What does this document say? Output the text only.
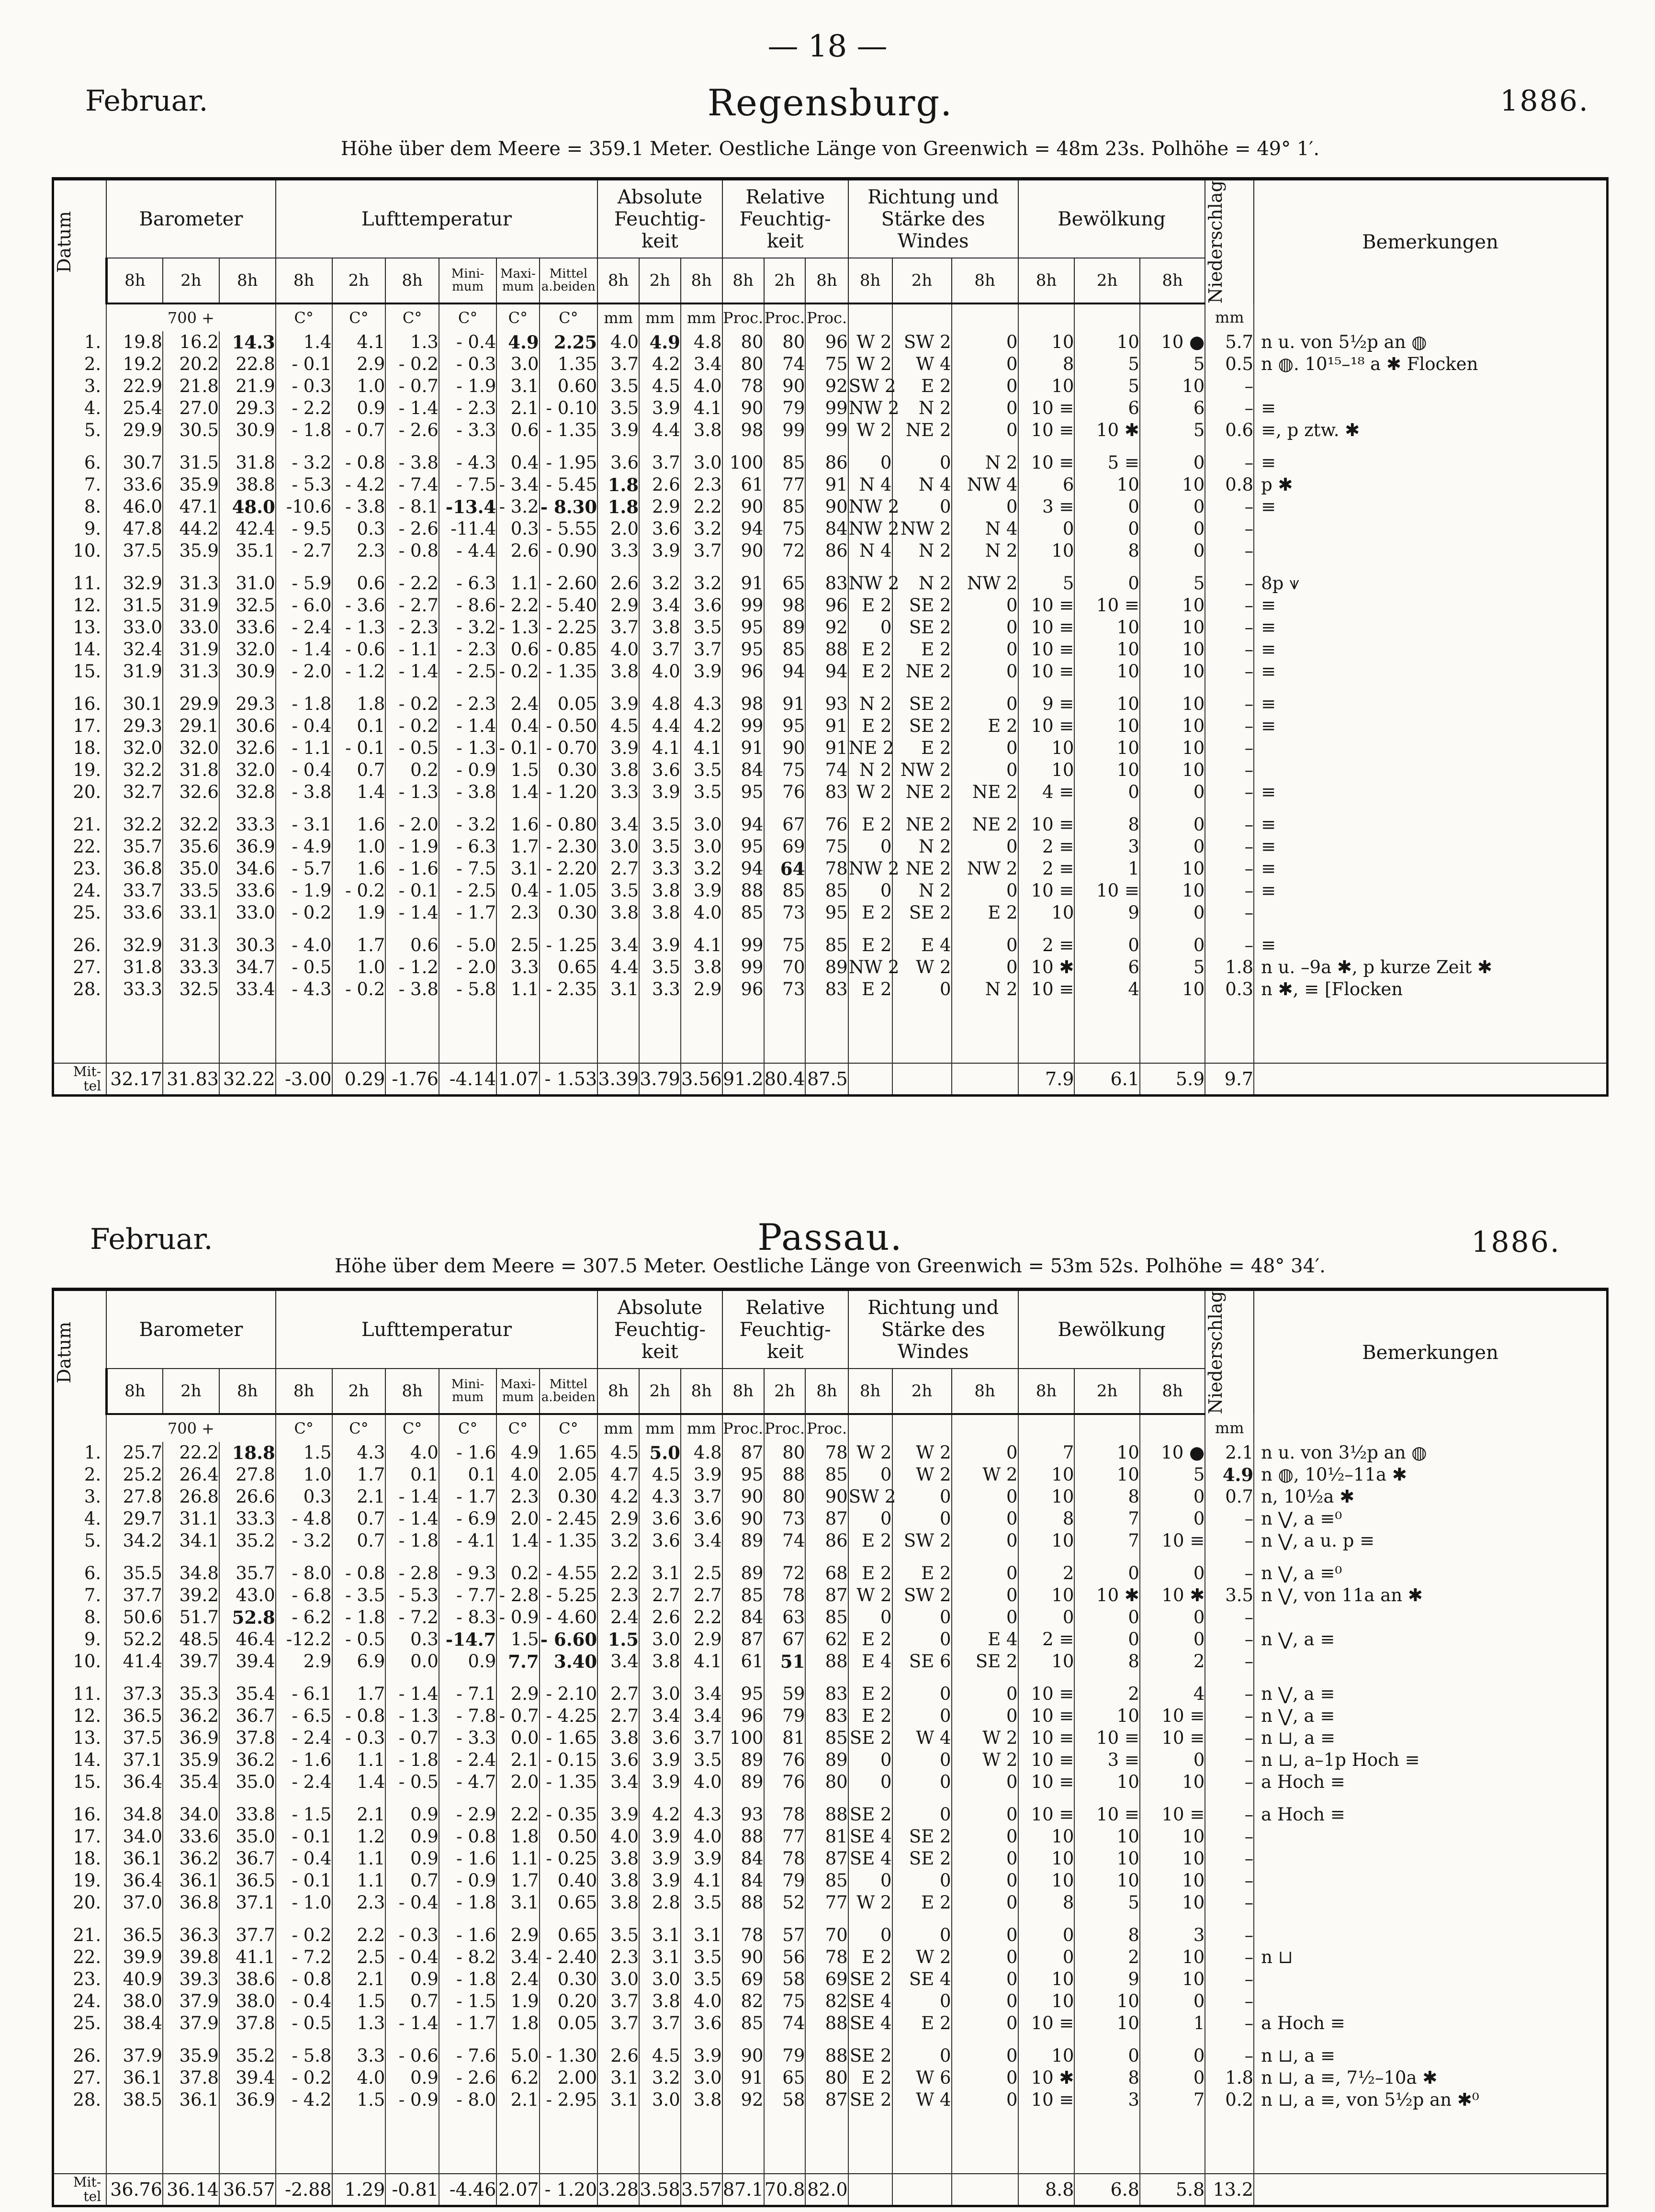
— 18 —
Februar.	Regensburg.	1886.
Höhe über dem Meere = 359.1 Meter. Oestliche Länge von Greenwich = 48m 23s. Polhöhe = 49° 1′.
Datum	Barometer			Lufttemperatur						Absolute Feuchtig- keit			Relative Feuchtig- keit			Richtung und Stärke des Windes			Bewölkung			Niederschlag	Bemerkungen
	8h	2h	8h	8h	2h	8h	Mini- mum	Maxi- mum	Mittel a.beiden	8h	2h	8h	8h	2h	8h	8h	2h	8h	8h	2h	8h		
	700 +			C°	C°	C°	C°	C°	C°	mm	mm	mm	Proc.	Proc.	Proc.							mm	
1.	19.8	16.2	14.3	1.4	4.1	1.3	- 0.4	4.9	2.25	4.0	4.9	4.8	80	80	96	W 2	SW 2	0	10	10	10 ●	5.7	n u. von 5½p an ◍
2.	19.2	20.2	22.8	- 0.1	2.9	- 0.2	- 0.3	3.0	1.35	3.7	4.2	3.4	80	74	75	W 2	W 4	0	8	5	5	0.5	n ◍. 10¹⁵–¹⁸ a ✱ Flocken
3.	22.9	21.8	21.9	- 0.3	1.0	- 0.7	- 1.9	3.1	0.60	3.5	4.5	4.0	78	90	92	SW 2	E 2	0	10	5	10	–	
4.	25.4	27.0	29.3	- 2.2	0.9	- 1.4	- 2.3	2.1	- 0.10	3.5	3.9	4.1	90	79	99	NW 2	N 2	0	10 ≡	6	6	–	≡
5.	29.9	30.5	30.9	- 1.8	- 0.7	- 2.6	- 3.3	0.6	- 1.35	3.9	4.4	3.8	98	99	99	W 2	NE 2	0	10 ≡	10 ✱	5	0.6	≡, p ztw. ✱

6.	30.7	31.5	31.8	- 3.2	- 0.8	- 3.8	- 4.3	0.4	- 1.95	3.6	3.7	3.0	100	85	86	0	0	N 2	10 ≡	5 ≡	0	–	≡
7.	33.6	35.9	38.8	- 5.3	- 4.2	- 7.4	- 7.5	- 3.4	- 5.45	1.8	2.6	2.3	61	77	91	N 4	N 4	NW 4	6	10	10	0.8	p ✱
8.	46.0	47.1	48.0	-10.6	- 3.8	- 8.1	-13.4	- 3.2	- 8.30	1.8	2.9	2.2	90	85	90	NW 2	0	0	3 ≡	0	0	–	≡
9.	47.8	44.2	42.4	- 9.5	0.3	- 2.6	-11.4	0.3	- 5.55	2.0	3.6	3.2	94	75	84	NW 2	NW 2	N 4	0	0	0	–	
10.	37.5	35.9	35.1	- 2.7	2.3	- 0.8	- 4.4	2.6	- 0.90	3.3	3.9	3.7	90	72	86	N 4	N 2	N 2	10	8	0	–	

11.	32.9	31.3	31.0	- 5.9	0.6	- 2.2	- 6.3	1.1	- 2.60	2.6	3.2	3.2	91	65	83	NW 2	N 2	NW 2	5	0	5	–	8p ⩛
12.	31.5	31.9	32.5	- 6.0	- 3.6	- 2.7	- 8.6	- 2.2	- 5.40	2.9	3.4	3.6	99	98	96	E 2	SE 2	0	10 ≡	10 ≡	10	–	≡
13.	33.0	33.0	33.6	- 2.4	- 1.3	- 2.3	- 3.2	- 1.3	- 2.25	3.7	3.8	3.5	95	89	92	0	SE 2	0	10 ≡	10	10	–	≡
14.	32.4	31.9	32.0	- 1.4	- 0.6	- 1.1	- 2.3	0.6	- 0.85	4.0	3.7	3.7	95	85	88	E 2	E 2	0	10 ≡	10	10	–	≡
15.	31.9	31.3	30.9	- 2.0	- 1.2	- 1.4	- 2.5	- 0.2	- 1.35	3.8	4.0	3.9	96	94	94	E 2	NE 2	0	10 ≡	10	10	–	≡

16.	30.1	29.9	29.3	- 1.8	1.8	- 0.2	- 2.3	2.4	0.05	3.9	4.8	4.3	98	91	93	N 2	SE 2	0	9 ≡	10	10	–	≡
17.	29.3	29.1	30.6	- 0.4	0.1	- 0.2	- 1.4	0.4	- 0.50	4.5	4.4	4.2	99	95	91	E 2	SE 2	E 2	10 ≡	10	10	–	≡
18.	32.0	32.0	32.6	- 1.1	- 0.1	- 0.5	- 1.3	- 0.1	- 0.70	3.9	4.1	4.1	91	90	91	NE 2	E 2	0	10	10	10	–	
19.	32.2	31.8	32.0	- 0.4	0.7	0.2	- 0.9	1.5	0.30	3.8	3.6	3.5	84	75	74	N 2	NW 2	0	10	10	10	–	
20.	32.7	32.6	32.8	- 3.8	1.4	- 1.3	- 3.8	1.4	- 1.20	3.3	3.9	3.5	95	76	83	W 2	NE 2	NE 2	4 ≡	0	0	–	≡

21.	32.2	32.2	33.3	- 3.1	1.6	- 2.0	- 3.2	1.6	- 0.80	3.4	3.5	3.0	94	67	76	E 2	NE 2	NE 2	10 ≡	8	0	–	≡
22.	35.7	35.6	36.9	- 4.9	1.0	- 1.9	- 6.3	1.7	- 2.30	3.0	3.5	3.0	95	69	75	0	N 2	0	2 ≡	3	0	–	≡
23.	36.8	35.0	34.6	- 5.7	1.6	- 1.6	- 7.5	3.1	- 2.20	2.7	3.3	3.2	94	64	78	NW 2	NE 2	NW 2	2 ≡	1	10	–	≡
24.	33.7	33.5	33.6	- 1.9	- 0.2	- 0.1	- 2.5	0.4	- 1.05	3.5	3.8	3.9	88	85	85	0	N 2	0	10 ≡	10 ≡	10	–	≡
25.	33.6	33.1	33.0	- 0.2	1.9	- 1.4	- 1.7	2.3	0.30	3.8	3.8	4.0	85	73	95	E 2	SE 2	E 2	10	9	0	–	

26.	32.9	31.3	30.3	- 4.0	1.7	0.6	- 5.0	2.5	- 1.25	3.4	3.9	4.1	99	75	85	E 2	E 4	0	2 ≡	0	0	–	≡
27.	31.8	33.3	34.7	- 0.5	1.0	- 1.2	- 2.0	3.3	0.65	4.4	3.5	3.8	99	70	89	NW 2	W 2	0	10 ✱	6	5	1.8	n u. –9a ✱, p kurze Zeit ✱
28.	33.3	32.5	33.4	- 4.3	- 0.2	- 3.8	- 5.8	1.1	- 2.35	3.1	3.3	2.9	96	73	83	E 2	0	N 2	10 ≡	4	10	0.3	n ✱, ≡ [Flocken

Mit- tel	32.17	31.83	32.22	-3.00	0.29	-1.76	-4.14	1.07	- 1.53	3.39	3.79	3.56	91.2	80.4	87.5				7.9	6.1	5.9	9.7	
Februar.	Passau.	1886.
Höhe über dem Meere = 307.5 Meter. Oestliche Länge von Greenwich = 53m 52s. Polhöhe = 48° 34′.
Datum	Barometer			Lufttemperatur						Absolute Feuchtig- keit			Relative Feuchtig- keit			Richtung und Stärke des Windes			Bewölkung			Niederschlag	Bemerkungen
	8h	2h	8h	8h	2h	8h	Mini- mum	Maxi- mum	Mittel a.beiden	8h	2h	8h	8h	2h	8h	8h	2h	8h	8h	2h	8h		
	700 +			C°	C°	C°	C°	C°	C°	mm	mm	mm	Proc.	Proc.	Proc.							mm	
1.	25.7	22.2	18.8	1.5	4.3	4.0	- 1.6	4.9	1.65	4.5	5.0	4.8	87	80	78	W 2	W 2	0	7	10	10 ●	2.1	n u. von 3½p an ◍
2.	25.2	26.4	27.8	1.0	1.7	0.1	0.1	4.0	2.05	4.7	4.5	3.9	95	88	85	0	W 2	W 2	10	10	5	4.9	n ◍, 10½–11a ✱
3.	27.8	26.8	26.6	0.3	2.1	- 1.4	- 1.7	2.3	0.30	4.2	4.3	3.7	90	80	90	SW 2	0	0	10	8	0	0.7	n, 10½a ✱
4.	29.7	31.1	33.3	- 4.8	0.7	- 1.4	- 6.9	2.0	- 2.45	2.9	3.6	3.6	90	73	87	0	0	0	8	7	0	–	n ⋁, a ≡⁰
5.	34.2	34.1	35.2	- 3.2	0.7	- 1.8	- 4.1	1.4	- 1.35	3.2	3.6	3.4	89	74	86	E 2	SW 2	0	10	7	10 ≡	–	n ⋁, a u. p ≡

6.	35.5	34.8	35.7	- 8.0	- 0.8	- 2.8	- 9.3	0.2	- 4.55	2.2	3.1	2.5	89	72	68	E 2	E 2	0	2	0	0	–	n ⋁, a ≡⁰
7.	37.7	39.2	43.0	- 6.8	- 3.5	- 5.3	- 7.7	- 2.8	- 5.25	2.3	2.7	2.7	85	78	87	W 2	SW 2	0	10	10 ✱	10 ✱	3.5	n ⋁, von 11a an ✱
8.	50.6	51.7	52.8	- 6.2	- 1.8	- 7.2	- 8.3	- 0.9	- 4.60	2.4	2.6	2.2	84	63	85	0	0	0	0	0	0	–	
9.	52.2	48.5	46.4	-12.2	- 0.5	0.3	-14.7	1.5	- 6.60	1.5	3.0	2.9	87	67	62	E 2	0	E 4	2 ≡	0	0	–	n ⋁, a ≡
10.	41.4	39.7	39.4	2.9	6.9	0.0	0.9	7.7	3.40	3.4	3.8	4.1	61	51	88	E 4	SE 6	SE 2	10	8	2	–	

11.	37.3	35.3	35.4	- 6.1	1.7	- 1.4	- 7.1	2.9	- 2.10	2.7	3.0	3.4	95	59	83	E 2	0	0	10 ≡	2	4	–	n ⋁, a ≡
12.	36.5	36.2	36.7	- 6.5	- 0.8	- 1.3	- 7.8	- 0.7	- 4.25	2.7	3.4	3.4	96	79	83	E 2	0	0	10 ≡	10	10 ≡	–	n ⋁, a ≡
13.	37.5	36.9	37.8	- 2.4	- 0.3	- 0.7	- 3.3	0.0	- 1.65	3.8	3.6	3.7	100	81	85	SE 2	W 4	W 2	10 ≡	10 ≡	10 ≡	–	n ⊔, a ≡
14.	37.1	35.9	36.2	- 1.6	1.1	- 1.8	- 2.4	2.1	- 0.15	3.6	3.9	3.5	89	76	89	0	0	W 2	10 ≡	3 ≡	0	–	n ⊔, a–1p Hoch ≡
15.	36.4	35.4	35.0	- 2.4	1.4	- 0.5	- 4.7	2.0	- 1.35	3.4	3.9	4.0	89	76	80	0	0	0	10 ≡	10	10	–	a Hoch ≡

16.	34.8	34.0	33.8	- 1.5	2.1	0.9	- 2.9	2.2	- 0.35	3.9	4.2	4.3	93	78	88	SE 2	0	0	10 ≡	10 ≡	10 ≡	–	a Hoch ≡
17.	34.0	33.6	35.0	- 0.1	1.2	0.9	- 0.8	1.8	0.50	4.0	3.9	4.0	88	77	81	SE 4	SE 2	0	10	10	10	–	
18.	36.1	36.2	36.7	- 0.4	1.1	0.9	- 1.6	1.1	- 0.25	3.8	3.9	3.9	84	78	87	SE 4	SE 2	0	10	10	10	–	
19.	36.4	36.1	36.5	- 0.1	1.1	0.7	- 0.9	1.7	0.40	3.8	3.9	4.1	84	79	85	0	0	0	10	10	10	–	
20.	37.0	36.8	37.1	- 1.0	2.3	- 0.4	- 1.8	3.1	0.65	3.8	2.8	3.5	88	52	77	W 2	E 2	0	8	5	10	–	

21.	36.5	36.3	37.7	- 0.2	2.2	- 0.3	- 1.6	2.9	0.65	3.5	3.1	3.1	78	57	70	0	0	0	0	8	3	–	
22.	39.9	39.8	41.1	- 7.2	2.5	- 0.4	- 8.2	3.4	- 2.40	2.3	3.1	3.5	90	56	78	E 2	W 2	0	0	2	10	–	n ⊔
23.	40.9	39.3	38.6	- 0.8	2.1	0.9	- 1.8	2.4	0.30	3.0	3.0	3.5	69	58	69	SE 2	SE 4	0	10	9	10	–	
24.	38.0	37.9	38.0	- 0.4	1.5	0.7	- 1.5	1.9	0.20	3.7	3.8	4.0	82	75	82	SE 4	0	0	10	10	0	–	
25.	38.4	37.9	37.8	- 0.5	1.3	- 1.4	- 1.7	1.8	0.05	3.7	3.7	3.6	85	74	88	SE 4	E 2	0	10 ≡	10	1	–	a Hoch ≡

26.	37.9	35.9	35.2	- 5.8	3.3	- 0.6	- 7.6	5.0	- 1.30	2.6	4.5	3.9	90	79	88	SE 2	0	0	10	0	0	–	n ⊔, a ≡
27.	36.1	37.8	39.4	- 0.2	4.0	0.9	- 2.6	6.2	2.00	3.1	3.2	3.0	91	65	80	E 2	W 6	0	10 ✱	8	0	1.8	n ⊔, a ≡, 7½–10a ✱
28.	38.5	36.1	36.9	- 4.2	1.5	- 0.9	- 8.0	2.1	- 2.95	3.1	3.0	3.8	92	58	87	SE 2	W 4	0	10 ≡	3	7	0.2	n ⊔, a ≡, von 5½p an ✱⁰

Mit- tel	36.76	36.14	36.57	-2.88	1.29	-0.81	-4.46	2.07	- 1.20	3.28	3.58	3.57	87.1	70.8	82.0				8.8	6.8	5.8	13.2	
